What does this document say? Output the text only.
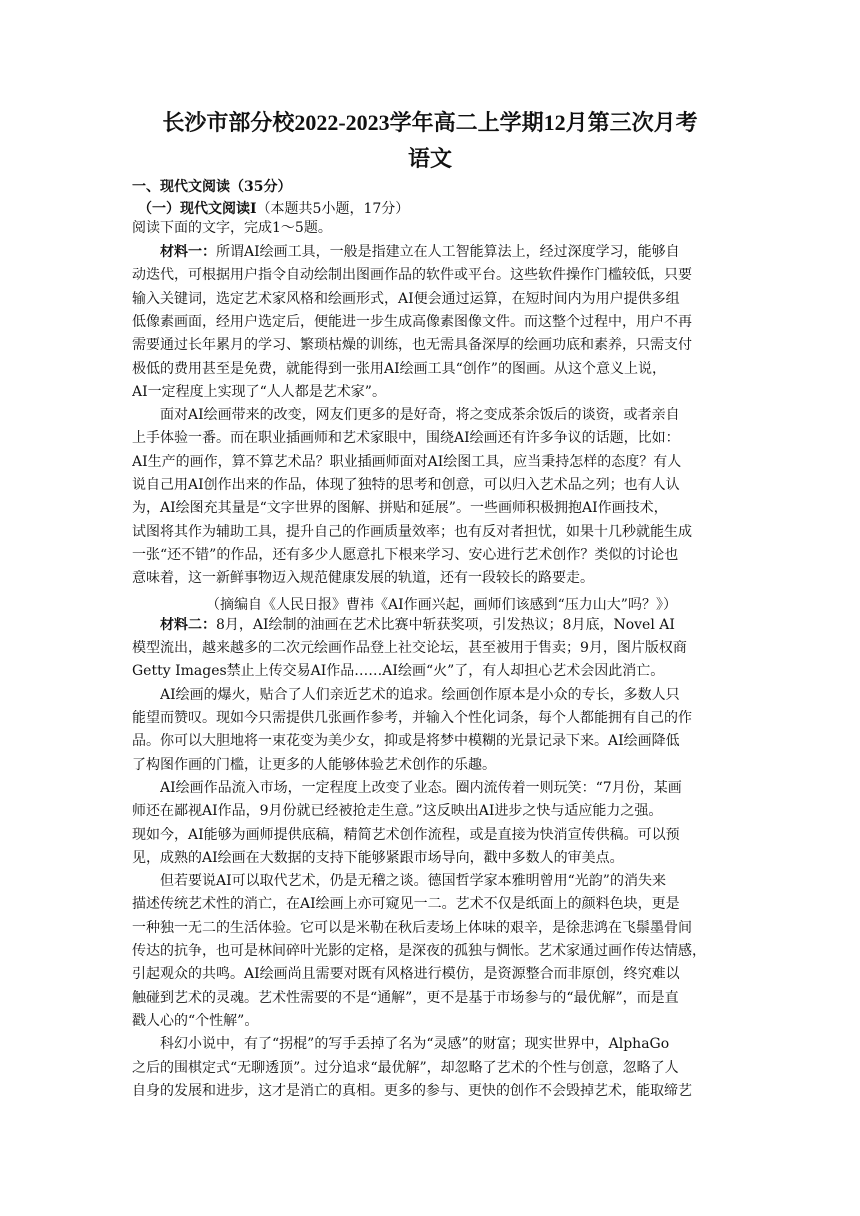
长沙市部分校2022-2023学年高二上学期12月第三次月考
语文
一、现代文阅读（35分）
（一）现代文阅读Ⅰ（本题共5小题，17分）
阅读下面的文字，完成1～5题。
材料一：所谓AI绘画工具，一般是指建立在人工智能算法上，经过深度学习，能够自
动迭代，可根据用户指令自动绘制出图画作品的软件或平台。这些软件操作门槛较低，只要
输入关键词，选定艺术家风格和绘画形式，AI便会通过运算，在短时间内为用户提供多组
低像素画面，经用户选定后，便能进一步生成高像素图像文件。而这整个过程中，用户不再
需要通过长年累月的学习、繁琐枯燥的训练，也无需具备深厚的绘画功底和素养，只需支付
极低的费用甚至是免费，就能得到一张用AI绘画工具“创作”的图画。从这个意义上说，
AI一定程度上实现了“人人都是艺术家”。
面对AI绘画带来的改变，网友们更多的是好奇，将之变成茶余饭后的谈资，或者亲自
上手体验一番。而在职业插画师和艺术家眼中，围绕AI绘画还有许多争议的话题，比如：
AI生产的画作，算不算艺术品？职业插画师面对AI绘图工具，应当秉持怎样的态度？有人
说自己用AI创作出来的作品，体现了独特的思考和创意，可以归入艺术品之列；也有人认
为，AI绘图充其量是“文字世界的图解、拼贴和延展”。一些画师积极拥抱AI作画技术，
试图将其作为辅助工具，提升自己的作画质量效率；也有反对者担忧，如果十几秒就能生成
一张“还不错”的作品，还有多少人愿意扎下根来学习、安心进行艺术创作？类似的讨论也
意味着，这一新鲜事物迈入规范健康发展的轨道，还有一段较长的路要走。
（摘编自《人民日报》曹祎《AI作画兴起，画师们该感到“压力山大”吗？》）
材料二：8月，AI绘制的油画在艺术比赛中斩获奖项，引发热议；8月底，Novel AI
模型流出，越来越多的二次元绘画作品登上社交论坛，甚至被用于售卖；9月，图片版权商
Getty Images禁止上传交易AI作品……AI绘画“火”了，有人却担心艺术会因此消亡。
AI绘画的爆火，贴合了人们亲近艺术的追求。绘画创作原本是小众的专长，多数人只
能望而赞叹。现如今只需提供几张画作参考，并输入个性化词条，每个人都能拥有自己的作
品。你可以大胆地将一束花变为美少女，抑或是将梦中模糊的光景记录下来。AI绘画降低
了构图作画的门槛，让更多的人能够体验艺术创作的乐趣。
AI绘画作品流入市场，一定程度上改变了业态。圈内流传着一则玩笑：“7月份，某画
师还在鄙视AI作品，9月份就已经被抢走生意。”这反映出AI进步之快与适应能力之强。
现如今，AI能够为画师提供底稿，精简艺术创作流程，或是直接为快消宣传供稿。可以预
见，成熟的AI绘画在大数据的支持下能够紧跟市场导向，戳中多数人的审美点。
但若要说AI可以取代艺术，仍是无稽之谈。德国哲学家本雅明曾用“光韵”的消失来
描述传统艺术性的消亡，在AI绘画上亦可窥见一二。艺术不仅是纸面上的颜料色块，更是
一种独一无二的生活体验。它可以是米勒在秋后麦场上体味的艰辛，是徐悲鸿在飞鬃墨骨间
传达的抗争，也可是林间碎叶光影的定格，是深夜的孤独与惆怅。艺术家通过画作传达情感，
引起观众的共鸣。AI绘画尚且需要对既有风格进行模仿，是资源整合而非原创，终究难以
触碰到艺术的灵魂。艺术性需要的不是“通解”，更不是基于市场参与的“最优解”，而是直
戳人心的“个性解”。
科幻小说中，有了“拐棍”的写手丢掉了名为“灵感”的财富；现实世界中，AlphaGo
之后的围棋定式“无聊透顶”。过分追求“最优解”，却忽略了艺术的个性与创意，忽略了人
自身的发展和进步，这才是消亡的真相。更多的参与、更快的创作不会毁掉艺术，能取缔艺
